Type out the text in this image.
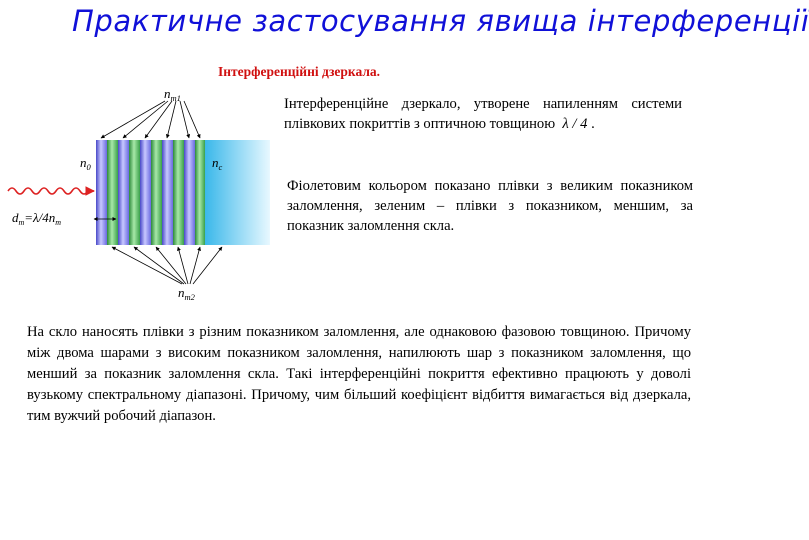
Практичне застосування явища інтерференції
Інтерференційні дзеркала.
$n_{m1}$
$n_0$	$n_c$
$d_m=\lambda/4n_m$
$n_{m2}$
Інтерференційне дзеркало, утворене напиленням системи плівкових покриттів з оптичною товщиною λ / 4 .
Фіолетовим кольором показано плівки з великим показником заломлення, зеленим – плівки з показником, меншим, за показник заломлення скла.
На скло наносять плівки з різним показником заломлення, але однаковою фазовою товщиною. Причому між двома шарами з високим показником заломлення, напилюють шар з показником заломлення, що менший за показник заломлення скла. Такі інтерференційні покриття ефективно працюють у доволі вузькому спектральному діапазоні. Причому, чим більший коефіцієнт відбиття вимагається від дзеркала, тим вужчий робочий діапазон.
